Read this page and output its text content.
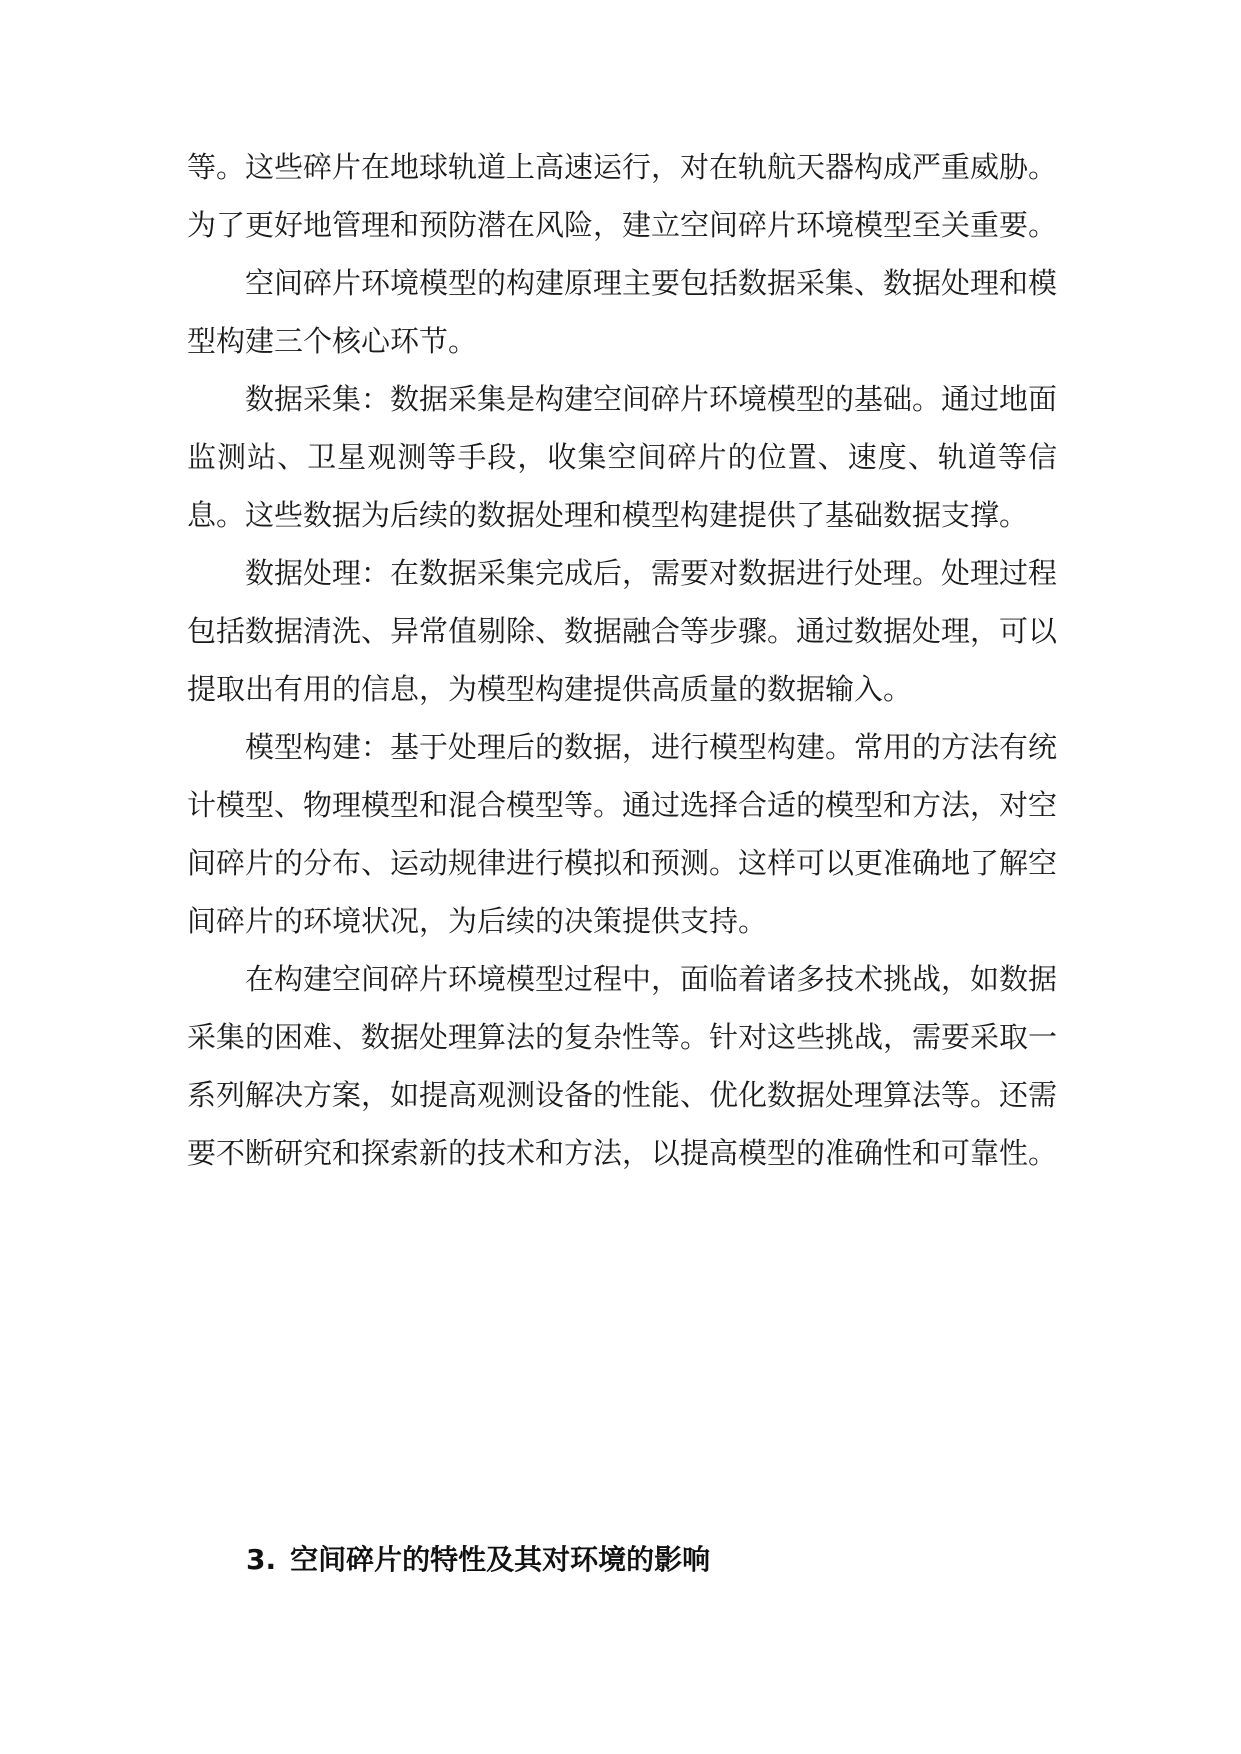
等。这些碎片在地球轨道上高速运行，对在轨航天器构成严重威胁。为了更好地管理和预防潜在风险，建立空间碎片环境模型至关重要。

空间碎片环境模型的构建原理主要包括数据采集、数据处理和模型构建三个核心环节。

数据采集：数据采集是构建空间碎片环境模型的基础。通过地面监测站、卫星观测等手段，收集空间碎片的位置、速度、轨道等信息。这些数据为后续的数据处理和模型构建提供了基础数据支撑。

数据处理：在数据采集完成后，需要对数据进行处理。处理过程包括数据清洗、异常值剔除、数据融合等步骤。通过数据处理，可以提取出有用的信息，为模型构建提供高质量的数据输入。

模型构建：基于处理后的数据，进行模型构建。常用的方法有统计模型、物理模型和混合模型等。通过选择合适的模型和方法，对空间碎片的分布、运动规律进行模拟和预测。这样可以更准确地了解空间碎片的环境状况，为后续的决策提供支持。

在构建空间碎片环境模型过程中，面临着诸多技术挑战，如数据采集的困难、数据处理算法的复杂性等。针对这些挑战，需要采取一系列解决方案，如提高观测设备的性能、优化数据处理算法等。还需要不断研究和探索新的技术和方法，以提高模型的准确性和可靠性。

3. 空间碎片的特性及其对环境的影响
